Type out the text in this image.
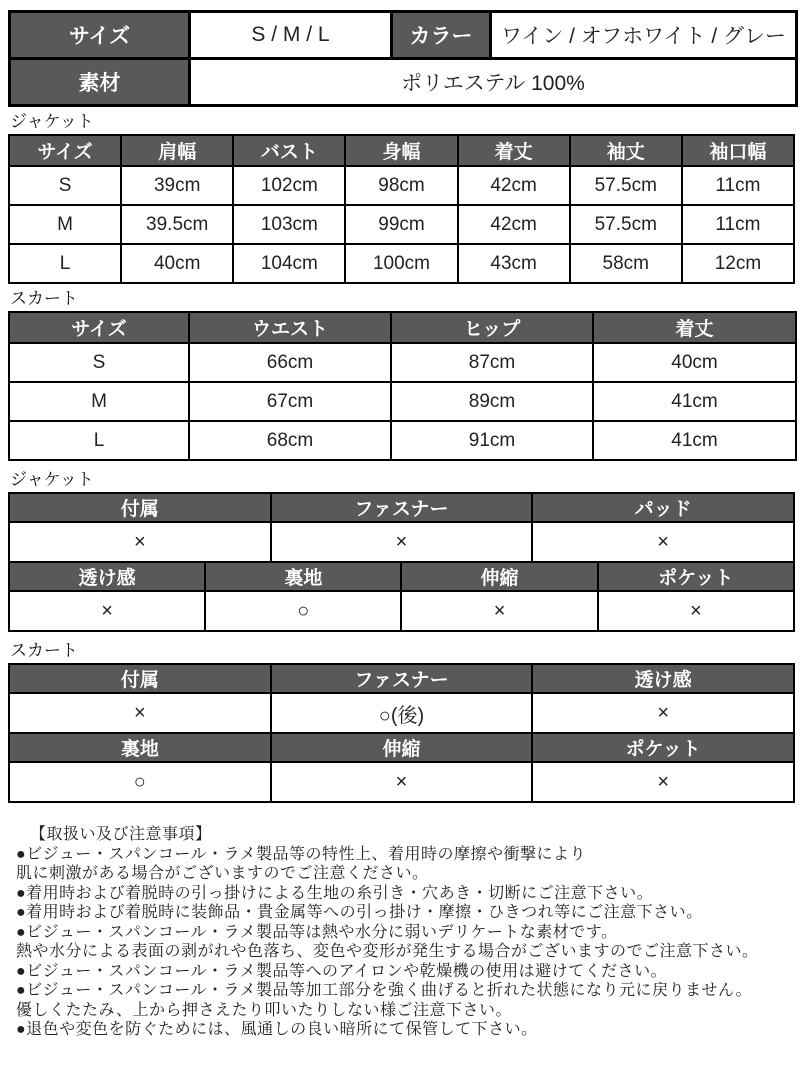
サイズ	S / M / L	カラー	ワイン / オフホワイト / グレー
素材	ポリエステル 100%		
ジャケット
サイズ	肩幅	バスト	身幅	着丈	袖丈	袖口幅
S	39cm	102cm	98cm	42cm	57.5cm	11cm
M	39.5cm	103cm	99cm	42cm	57.5cm	11cm
L	40cm	104cm	100cm	43cm	58cm	12cm
スカート
サイズ	ウエスト	ヒップ	着丈
S	66cm	87cm	40cm
M	67cm	89cm	41cm
L	68cm	91cm	41cm
ジャケット
付属		ファスナー		パッド	
×		×		×	
透け感	裏地		伸縮		ポケット
×	○		×		×
スカート
付属	ファスナー	透け感
×	○(後)	×
裏地	伸縮	ポケット
○	×	×
【取扱い及び注意事項】
●ビジュー・スパンコール・ラメ製品等の特性上、着用時の摩擦や衝撃により
肌に刺激がある場合がございますのでご注意ください。
●着用時および着脱時の引っ掛けによる生地の糸引き・穴あき・切断にご注意下さい。
●着用時および着脱時に装飾品・貴金属等への引っ掛け・摩擦・ひきつれ等にご注意下さい。
●ビジュー・スパンコール・ラメ製品等は熱や水分に弱いデリケートな素材です。
熱や水分による表面の剥がれや色落ち、変色や変形が発生する場合がございますのでご注意下さい。
●ビジュー・スパンコール・ラメ製品等へのアイロンや乾燥機の使用は避けてください。
●ビジュー・スパンコール・ラメ製品等加工部分を強く曲げると折れた状態になり元に戻りません。
優しくたたみ、上から押さえたり叩いたりしない様ご注意下さい。
●退色や変色を防ぐためには、風通しの良い暗所にて保管して下さい。
